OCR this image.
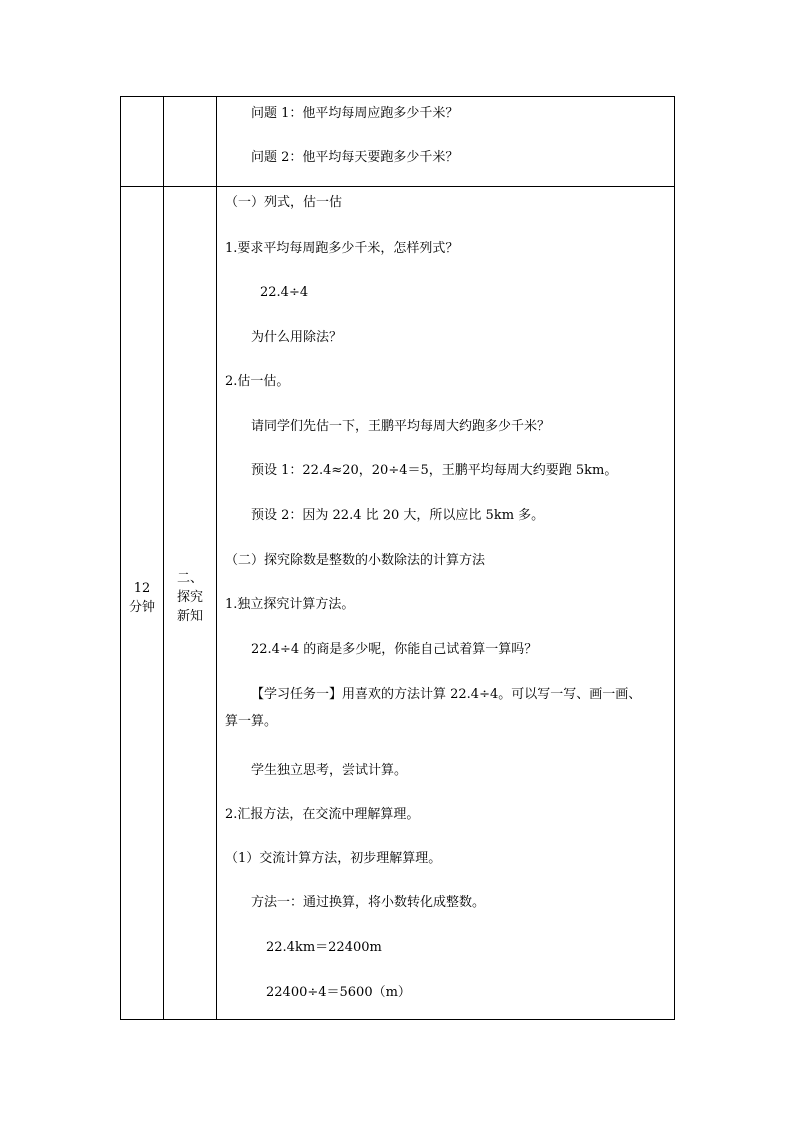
问题 1：他平均每周应跑多少千米？
问题 2：他平均每天要跑多少千米？
12
分钟
二、
探究
新知
（一）列式，估一估
1.要求平均每周跑多少千米，怎样列式？
22.4÷4
为什么用除法？
2.估一估。
请同学们先估一下，王鹏平均每周大约跑多少千米？
预设 1：22.4≈20，20÷4＝5，王鹏平均每周大约要跑 5km。
预设 2：因为 22.4 比 20 大，所以应比 5km 多。
（二）探究除数是整数的小数除法的计算方法
1.独立探究计算方法。
22.4÷4 的商是多少呢，你能自己试着算一算吗？
【学习任务一】用喜欢的方法计算 22.4÷4。可以写一写、画一画、
算一算。
学生独立思考，尝试计算。
2.汇报方法，在交流中理解算理。
（1）交流计算方法，初步理解算理。
方法一：通过换算，将小数转化成整数。
22.4km＝22400m
22400÷4＝5600（m）
